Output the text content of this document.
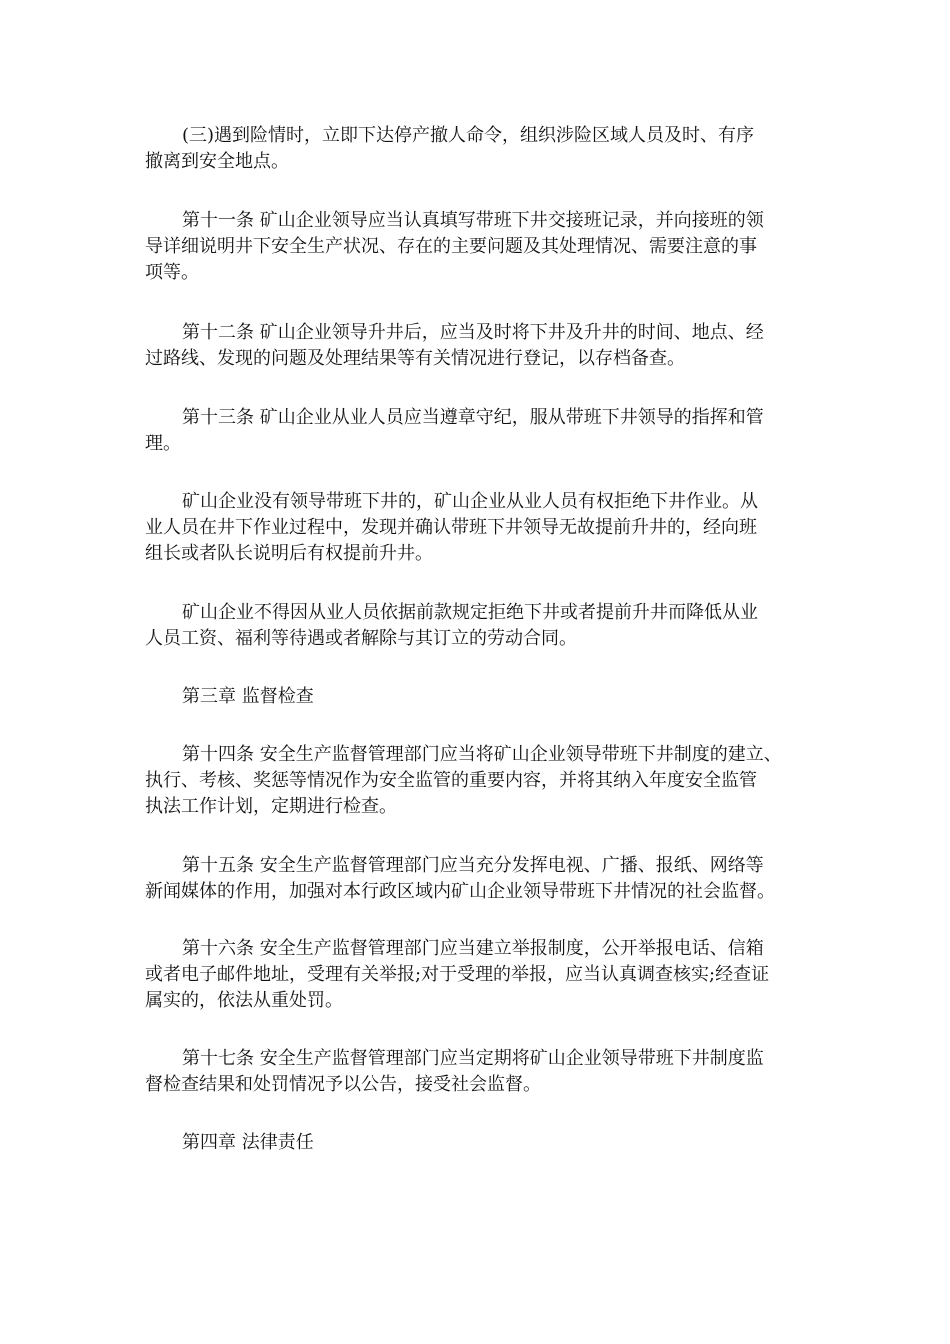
(三)遇到险情时，立即下达停产撤人命令，组织涉险区域人员及时、有序
撤离到安全地点。
第十一条 矿山企业领导应当认真填写带班下井交接班记录，并向接班的领
导详细说明井下安全生产状况、存在的主要问题及其处理情况、需要注意的事
项等。
第十二条 矿山企业领导升井后，应当及时将下井及升井的时间、地点、经
过路线、发现的问题及处理结果等有关情况进行登记，以存档备查。
第十三条 矿山企业从业人员应当遵章守纪，服从带班下井领导的指挥和管
理。
矿山企业没有领导带班下井的，矿山企业从业人员有权拒绝下井作业。从
业人员在井下作业过程中，发现并确认带班下井领导无故提前升井的，经向班
组长或者队长说明后有权提前升井。
矿山企业不得因从业人员依据前款规定拒绝下井或者提前升井而降低从业
人员工资、福利等待遇或者解除与其订立的劳动合同。
第三章 监督检查
第十四条 安全生产监督管理部门应当将矿山企业领导带班下井制度的建立、
执行、考核、奖惩等情况作为安全监管的重要内容，并将其纳入年度安全监管
执法工作计划，定期进行检查。
第十五条 安全生产监督管理部门应当充分发挥电视、广播、报纸、网络等
新闻媒体的作用，加强对本行政区域内矿山企业领导带班下井情况的社会监督。
第十六条 安全生产监督管理部门应当建立举报制度，公开举报电话、信箱
或者电子邮件地址，受理有关举报;对于受理的举报，应当认真调查核实;经查证
属实的，依法从重处罚。
第十七条 安全生产监督管理部门应当定期将矿山企业领导带班下井制度监
督检查结果和处罚情况予以公告，接受社会监督。
第四章 法律责任
